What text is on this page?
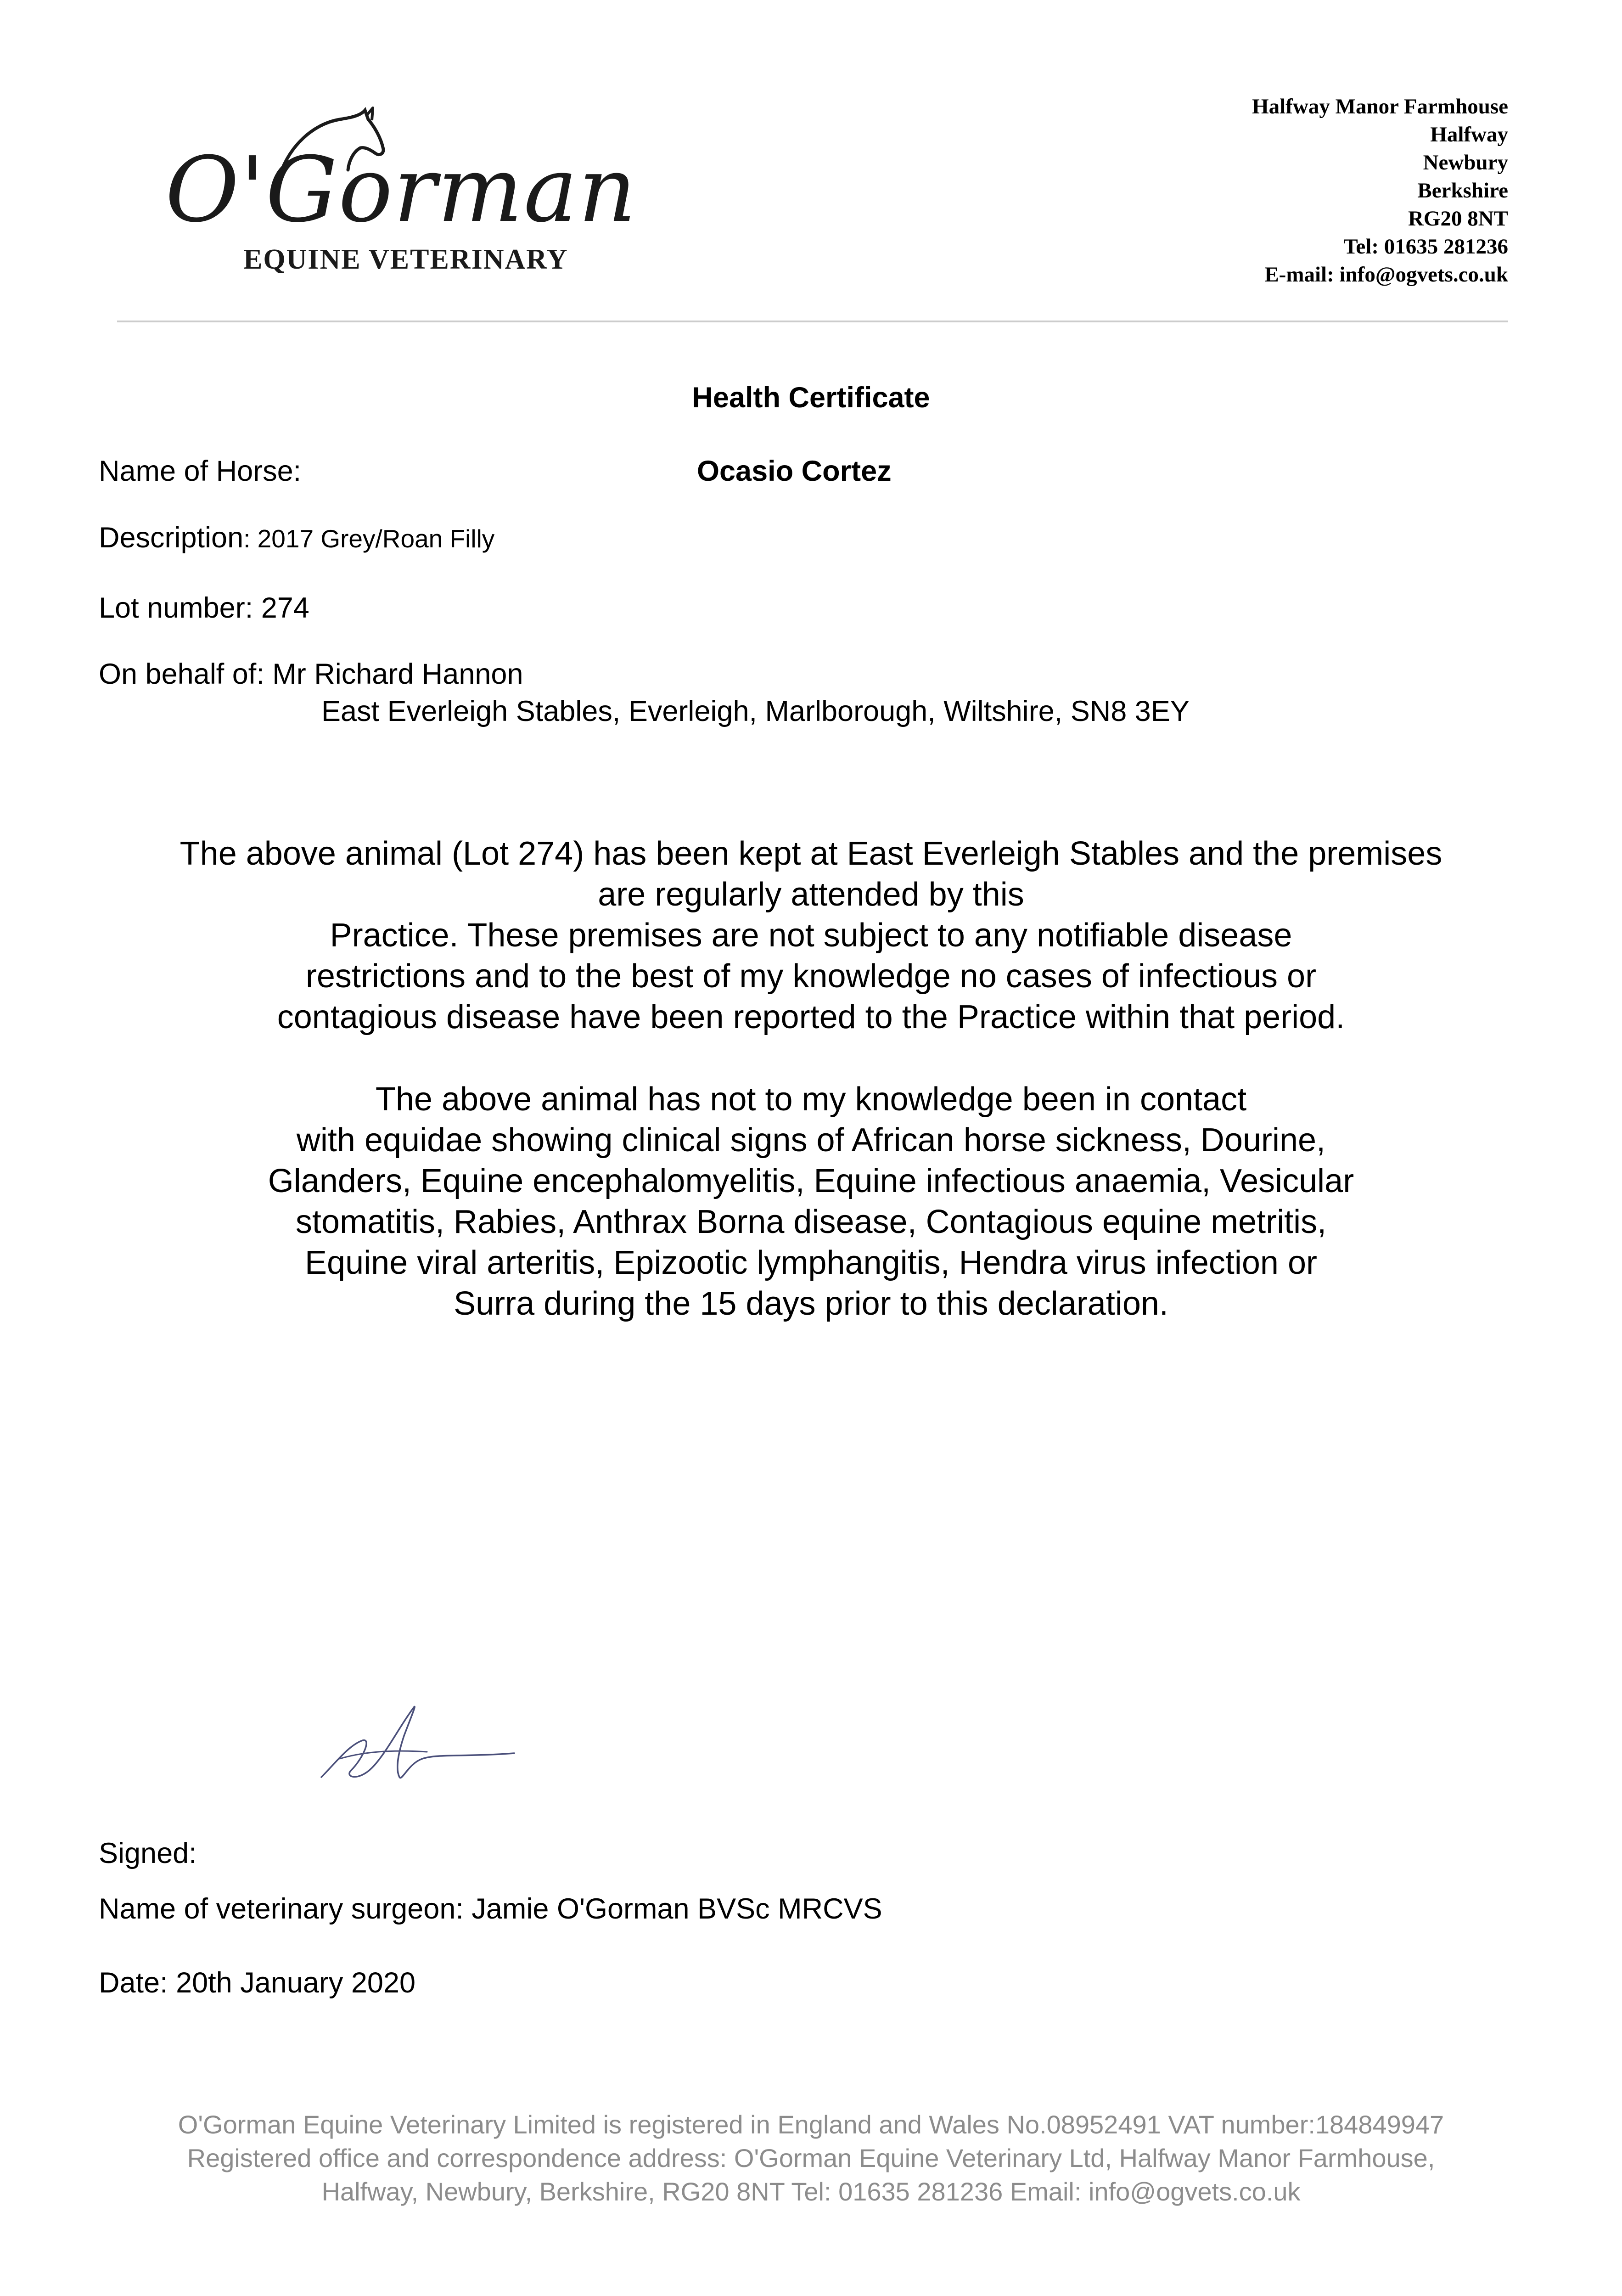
O'Gorman
EQUINE VETERINARY
Halfway Manor Farmhouse
Halfway
Newbury
Berkshire
RG20 8NT
Tel: 01635 281236
E-mail: info@ogvets.co.uk
Health Certificate
Name of Horse:	Ocasio Cortez
Description: 2017 Grey/Roan Filly
Lot number: 274
On behalf of: Mr Richard Hannon
East Everleigh Stables, Everleigh, Marlborough, Wiltshire, SN8 3EY
The above animal (Lot 274) has been kept at East Everleigh Stables and the premises
are regularly attended by this
Practice. These premises are not subject to any notifiable disease
restrictions and to the best of my knowledge no cases of infectious or
contagious disease have been reported to the Practice within that period.
The above animal has not to my knowledge been in contact
with equidae showing clinical signs of African horse sickness, Dourine,
Glanders, Equine encephalomyelitis, Equine infectious anaemia, Vesicular
stomatitis, Rabies, Anthrax Borna disease, Contagious equine metritis,
Equine viral arteritis, Epizootic lymphangitis, Hendra virus infection or
Surra during the 15 days prior to this declaration.
Signed:
Name of veterinary surgeon: Jamie O'Gorman BVSc MRCVS
Date: 20th January 2020
O'Gorman Equine Veterinary Limited is registered in England and Wales No.08952491 VAT number:184849947
Registered office and correspondence address: O'Gorman Equine Veterinary Ltd, Halfway Manor Farmhouse,
Halfway, Newbury, Berkshire, RG20 8NT Tel: 01635 281236 Email: info@ogvets.co.uk
